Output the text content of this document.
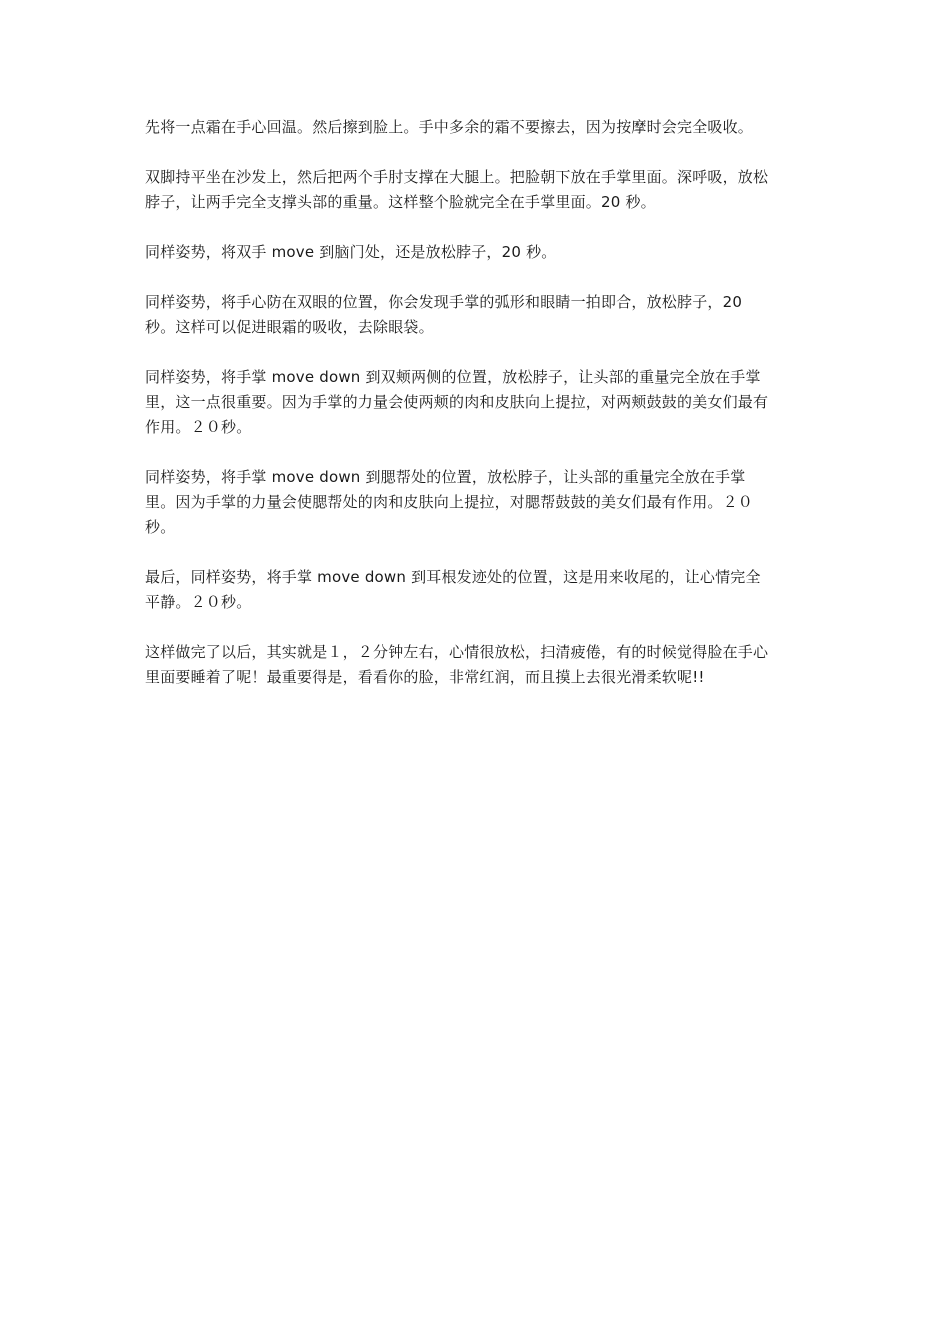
先将一点霜在手心回温。然后擦到脸上。手中多余的霜不要擦去，因为按摩时会完全吸收。

双脚持平坐在沙发上，然后把两个手肘支撑在大腿上。把脸朝下放在手掌里面。深呼吸，放松脖子，让两手完全支撑头部的重量。这样整个脸就完全在手掌里面。20 秒。

同样姿势，将双手 move 到脑门处，还是放松脖子，20 秒。

同样姿势，将手心防在双眼的位置，你会发现手掌的弧形和眼睛一拍即合，放松脖子，20 秒。这样可以促进眼霜的吸收，去除眼袋。

同样姿势，将手掌 move down 到双颊两侧的位置，放松脖子，让头部的重量完全放在手掌里，这一点很重要。因为手掌的力量会使两颊的肉和皮肤向上提拉，对两颊鼓鼓的美女们最有作用。２０秒。

同样姿势，将手掌 move down 到腮帮处的位置，放松脖子，让头部的重量完全放在手掌里。因为手掌的力量会使腮帮处的肉和皮肤向上提拉，对腮帮鼓鼓的美女们最有作用。２０秒。

最后，同样姿势，将手掌 move down 到耳根发迹处的位置，这是用来收尾的，让心情完全平静。２０秒。

这样做完了以后，其实就是１，２分钟左右，心情很放松，扫清疲倦，有的时候觉得脸在手心里面要睡着了呢！最重要得是，看看你的脸，非常红润，而且摸上去很光滑柔软呢!!
